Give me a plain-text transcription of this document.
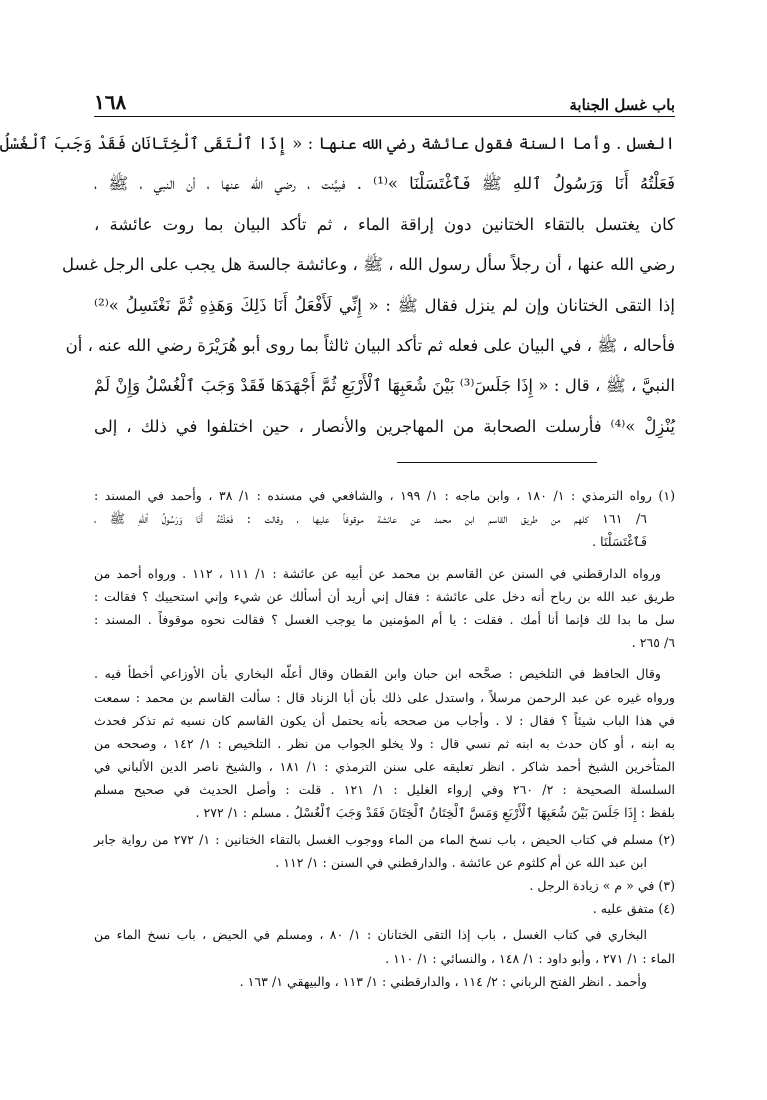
باب غسل الجنابة
١٦٨
الغسل . وأما السنة فقول عائشة رضي الله عنها : « إِذَا ٱلْتَقَى ٱلْخِتَانَانِ فَقَدْ وَجَبَ ٱلْغُسْلُ
فَعَلْتُهُ أَنَا وَرَسُولُ ٱللهِ ﷺ فَٱغْتَسَلْنَا »⁽¹⁾ . فبيَّنت ، رضي الله عنها ، أن النبي ، ﷺ ،
كان يغتسل بالتقاء الختانين دون إراقة الماء ، ثم تأكد البيان بما روت عائشة ،
رضي الله عنها ، أن رجلاً سأل رسول الله ، ﷺ ، وعائشة جالسة هل يجب على الرجل غسل
إذا التقى الختانان وإن لم ينزل فقال ﷺ : « إِنِّي لَأَفْعَلُ أَنَا ذَلِكَ وَهَذِهِ ثُمَّ نَغْتَسِلُ »⁽²⁾
فأحاله ، ﷺ ، في البيان على فعله ثم تأكد البيان ثالثاً بما روى أبو هُرَيْرَة رضي الله عنه ، أن
النبيَّ ، ﷺ ، قال : « إِذَا جَلَسَ⁽³⁾ بَيْنَ شُعَبِهَا ٱلْأَرْبَعِ ثُمَّ أَجْهَدَهَا فَقَدْ وَجَبَ ٱلْغُسْلُ وَإِنْ لَمْ
يُنْزِلْ »⁽⁴⁾ فأرسلت الصحابة من المهاجرين والأنصار ، حين اختلفوا في ذلك ، إلى
(١) رواه الترمذي : ١/ ١٨٠ ، وابن ماجه : ١/ ١٩٩ ، والشافعي في مسنده : ١/ ٣٨ ، وأحمد في المسند :
٦/ ١٦١ كلهم من طريق القاسم ابن محمد عن عائشة موقوفاً عليها ، وقالت : فَعَلْتُهُ أَنَا وَرَسُولُ ٱللهِ ﷺ ،
فَٱغْتَسَلْنَا .
ورواه الدارقطني في السنن عن القاسم بن محمد عن أبيه عن عائشة : ١/ ١١١ ، ١١٢ . ورواه أحمد من
طريق عبد الله بن رباح أنه دخل على عائشة : فقال إني أريد أن أسألك عن شيء وإني استحييك ؟ فقالت :
سل ما بدا لك فإنما أنا أمك . فقلت : يا أم المؤمنين ما يوجب الغسل ؟ فقالت نحوه موقوفاً . المسند :
٦/ ٢٦٥ .
وقال الحافظ في التلخيص : صحَّحه ابن حبان وابن القطان وقال أعلّه البخاري بأن الأوزاعي أخطأ فيه .
ورواه غيره عن عبد الرحمن مرسلاً ، واستدل على ذلك بأن أبا الزناد قال : سألت القاسم بن محمد : سمعت
في هذا الباب شيئاً ؟ فقال : لا . وأجاب من صححه بأنه يحتمل أن يكون القاسم كان نسيه ثم تذكر فحدث
به ابنه ، أو كان حدث به ابنه ثم نسي قال : ولا يخلو الجواب من نظر . التلخيص : ١/ ١٤٢ ، وصححه من
المتأخرين الشيخ أحمد شاكر . انظر تعليقه على سنن الترمذي : ١/ ١٨١ ، والشيخ ناصر الدين الألباني في
السلسلة الصحيحة : ٢/ ٢٦٠ وفي إرواء الغليل : ١/ ١٢١ . قلت : وأصل الحديث في صحيح مسلم
بلفظ : إِذَا جَلَسَ بَيْنَ شُعَبِهَا ٱلْأَرْبَعِ وَمَسَّ ٱلْخِتَانُ ٱلْخِتَانَ فَقَدْ وَجَبَ ٱلْغُسْلُ . مسلم : ١/ ٢٧٢ .
(٢) مسلم في كتاب الحيض ، باب نسخ الماء من الماء ووجوب الغسل بالتقاء الختانين : ١/ ٢٧٢ من رواية جابر
ابن عبد الله عن أم كلثوم عن عائشة . والدارقطني في السنن : ١/ ١١٢ .
(٣) في « م » زيادة الرجل .
(٤) متفق عليه .
البخاري في كتاب الغسل ، باب إذا التقى الختانان : ١/ ٨٠ ، ومسلم في الحيض ، باب نسخ الماء من
الماء : ١/ ٢٧١ ، وأبو داود : ١/ ١٤٨ ، والنسائي : ١/ ١١٠ .
وأحمد . انظر الفتح الرباني : ٢/ ١١٤ ، والدارقطني : ١/ ١١٣ ، والبيهقي ١/ ١٦٣ .
